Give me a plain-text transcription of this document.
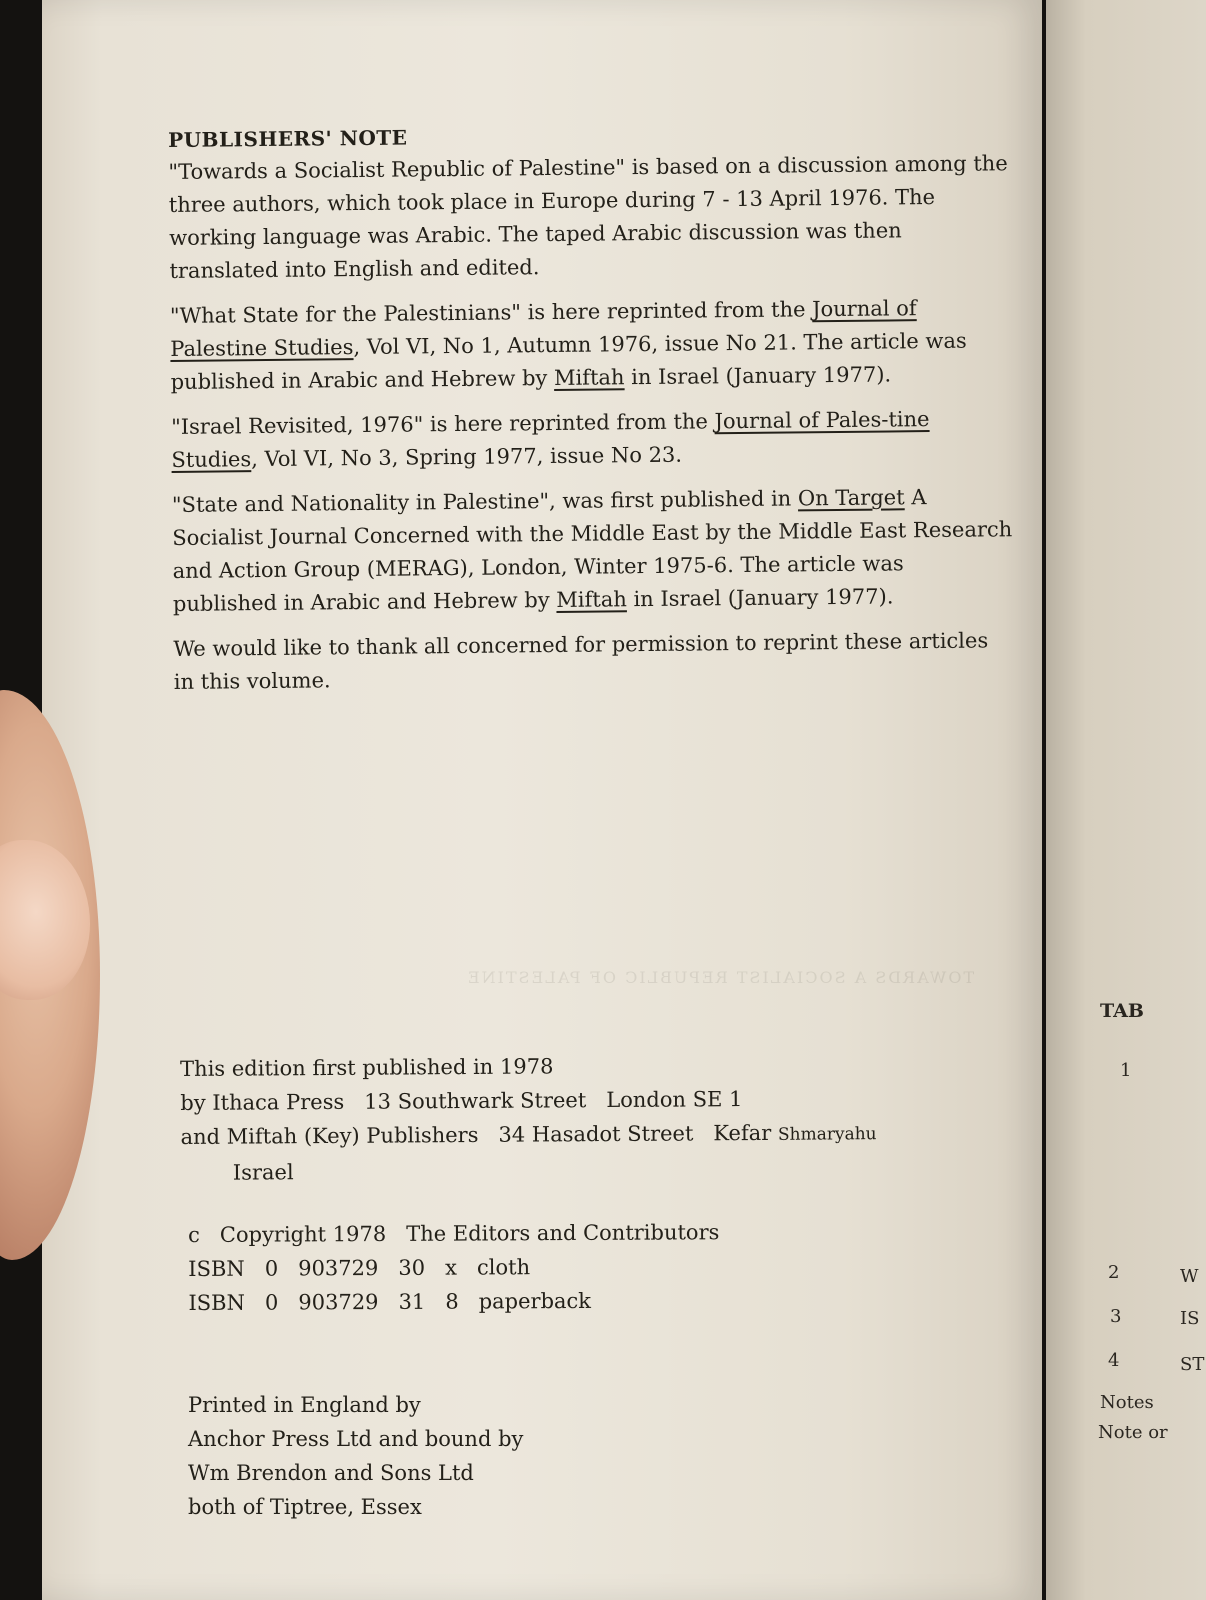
TOWARDS A SOCIALIST REPUBLIC OF PALESTINE
PUBLISHERS' NOTE

"Towards a Socialist Republic of Palestine" is based on a discussion among the three authors, which took place in Europe during 7 - 13 April 1976. The working language was Arabic. The taped Arabic discussion was then translated into English and edited.

"What State for the Palestinians" is here reprinted from the Journal of Palestine Studies, Vol VI, No 1, Autumn 1976, issue No 21. The article was published in Arabic and Hebrew by Miftah in Israel (January 1977).

"Israel Revisited, 1976" is here reprinted from the Journal of Pales-tine Studies, Vol VI, No 3, Spring 1977, issue No 23.

"State and Nationality in Palestine", was first published in On Target A Socialist Journal Concerned with the Middle East by the Middle East Research and Action Group (MERAG), London, Winter 1975-6. The article was published in Arabic and Hebrew by Miftah in Israel (January 1977).

We would like to thank all concerned for permission to reprint these articles in this volume.

This edition first published in 1978
by Ithaca Press   13 Southwark Street   London SE 1
and Miftah (Key) Publishers   34 Hasadot Street   Kefar Shmaryahu
Israel
c   Copyright 1978   The Editors and Contributors
ISBN   0   903729   30   x   cloth
ISBN   0   903729   31   8   paperback
Printed in England by
Anchor Press Ltd and bound by
Wm Brendon and Sons Ltd
both of Tiptree, Essex
TAB
1
2	W
3	IS
4	ST
Notes
Note or
